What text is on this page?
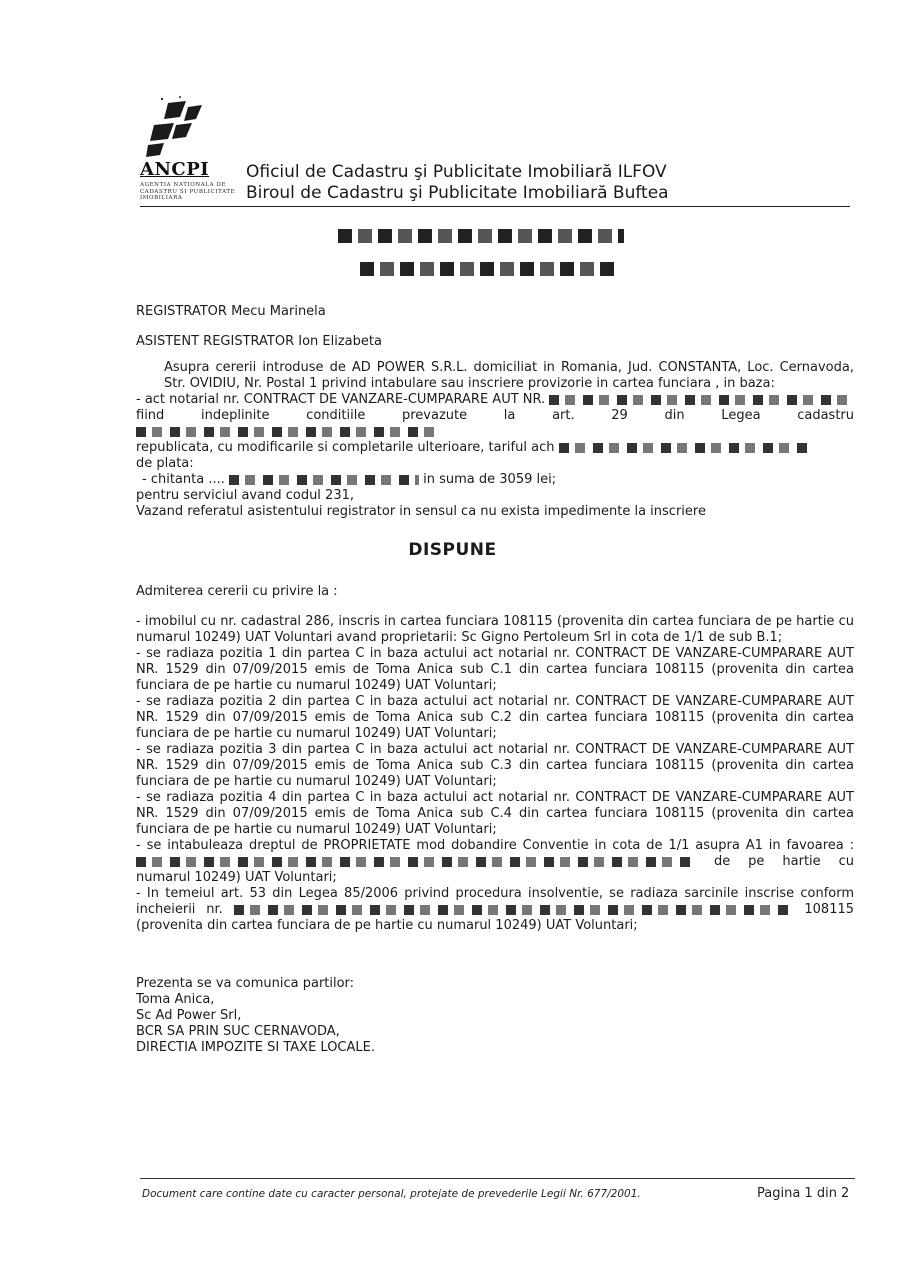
ANCPI
AGENTIA NATIONALA DE CADASTRU SI PUBLICITATE IMOBILIARA
Oficiul de Cadastru şi Publicitate Imobiliară ILFOV
Biroul de Cadastru şi Publicitate Imobiliară Buftea

REGISTRATOR Mecu Marinela

ASISTENT REGISTRATOR Ion Elizabeta

Asupra cererii introduse de AD POWER S.R.L. domiciliat in Romania, Jud. CONSTANTA, Loc. Cernavoda, Str. OVIDIU, Nr. Postal 1 privind intabulare sau inscriere provizorie in cartea funciara , in baza:

- act notarial nr. CONTRACT DE VANZARE-CUMPARARE AUT NR.

fiind indeplinite conditiile prevazute la art. 29 din Legea cadastru

republicata, cu modificarile si completarile ulterioare, tariful ach

de plata:

- chitanta ....	in suma de 3059 lei;

pentru serviciul avand codul 231,

Vazand referatul asistentului registrator in sensul ca nu exista impedimente la inscriere

DISPUNE

Admiterea cererii cu privire la :

- imobilul cu nr. cadastral 286, inscris in cartea funciara 108115 (provenita din cartea funciara de pe hartie cu numarul 10249) UAT Voluntari avand proprietarii: Sc Gigno Pertoleum Srl in cota de 1/1 de sub B.1;

- se radiaza pozitia 1 din partea C in baza actului act notarial nr. CONTRACT DE VANZARE-CUMPARARE AUT NR. 1529 din 07/09/2015 emis de Toma Anica sub C.1 din cartea funciara 108115 (provenita din cartea funciara de pe hartie cu numarul 10249) UAT Voluntari;

- se radiaza pozitia 2 din partea C in baza actului act notarial nr. CONTRACT DE VANZARE-CUMPARARE AUT NR. 1529 din 07/09/2015 emis de Toma Anica sub C.2 din cartea funciara 108115 (provenita din cartea funciara de pe hartie cu numarul 10249) UAT Voluntari;

- se radiaza pozitia 3 din partea C in baza actului act notarial nr. CONTRACT DE VANZARE-CUMPARARE AUT NR. 1529 din 07/09/2015 emis de Toma Anica sub C.3 din cartea funciara 108115 (provenita din cartea funciara de pe hartie cu numarul 10249) UAT Voluntari;

- se radiaza pozitia 4 din partea C in baza actului act notarial nr. CONTRACT DE VANZARE-CUMPARARE AUT NR. 1529 din 07/09/2015 emis de Toma Anica sub C.4 din cartea funciara 108115 (provenita din cartea funciara de pe hartie cu numarul 10249) UAT Voluntari;

- se intabuleaza dreptul de PROPRIETATE mod dobandire Conventie in cota de 1/1 asupra A1 in favoarea :  de pe hartie cu numarul 10249) UAT Voluntari;

- In temeiul art. 53 din Legea 85/2006 privind procedura insolventie, se radiaza sarcinile inscrise conform incheierii nr.	108115 (provenita din cartea funciara de pe hartie cu numarul 10249) UAT Voluntari;

Prezenta se va comunica partilor:

Toma Anica,

Sc Ad Power Srl,

BCR SA PRIN SUC CERNAVODA,

DIRECTIA IMPOZITE SI TAXE LOCALE.

Document care contine date cu caracter personal, protejate de prevederile Legii Nr. 677/2001.	Pagina 1 din 2
